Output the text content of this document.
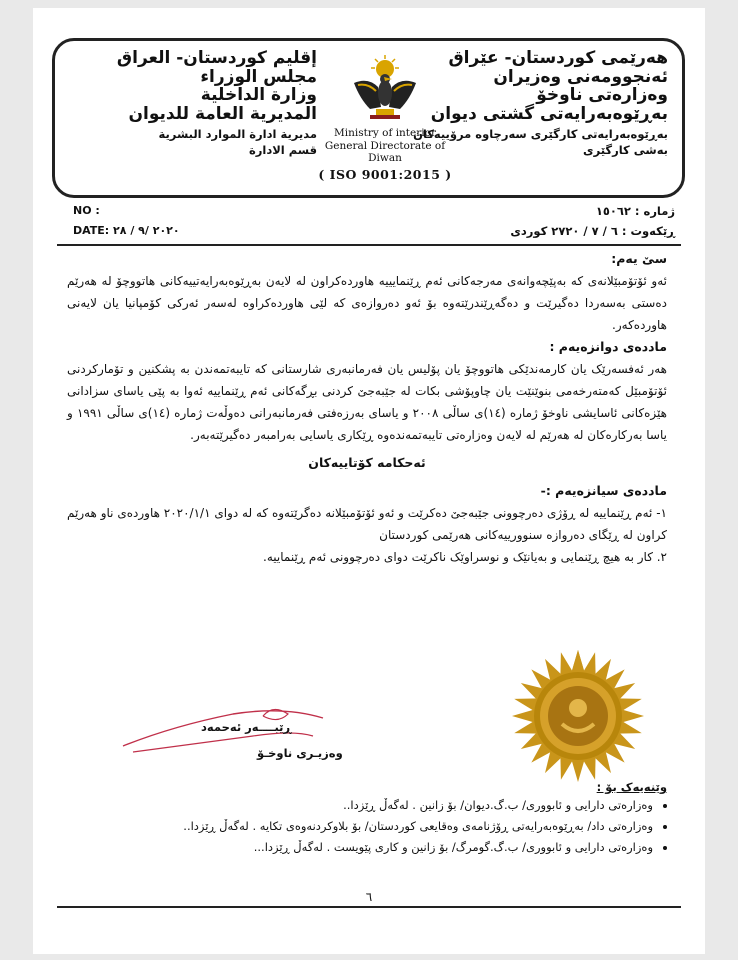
هەرێمی کوردستان- عێراق
ئەنجوومەنی وەزیران
وەزارەتی ناوخۆ
بەڕێوەبەرایەتی گشتی دیوان
بەڕێوەبەرایەتی کارگێری سەرچاوە مرۆییەکان
بەشی کارگێری
Ministry of interior
General Directorate of Diwan
( ISO 9001:2015 )
إقليم كوردستان- العراق
مجلس الوزراء
وزارة الداخلية
المديرية العامة للديوان
مديرية ادارة الموارد البشرية
قسم الادارة
NO :
DATE: ٢٠٢٠ /٩ / ٢٨
ژمارە : ١٥٠٦٢
ڕێکەوت : ٦ / ٧ / ٢٧٢٠ کوردی
سێ یەم:
ئەو ئۆتۆمبێلانەی کە بەپێچەوانەی مەرجەکانی ئەم ڕێنمایییە هاوردەکراون لە لایەن بەڕێوەبەرایەتییەکانی هاتووچۆ لە هەرێم دەستی بەسەردا دەگیرێت و دەگەڕێندرێتەوە بۆ ئەو دەروازەی کە لێی هاوردەکراوە لەسەر ئەرکی کۆمپانیا یان لایەنی هاوردەکەر.
ماددەی دوانزەیەم :
هەر ئەفسەرێک یان کارمەندێکی هاتووچۆ یان پۆلیس یان فەرمانبەری شارستانی کە تایبەتمەندن بە پشکنین و تۆمارکردنی ئۆتۆمبێل کەمتەرخەمی بنوێنێت یان چاوپۆشی بکات لە جێبەجێ کردنی بڕگەکانی ئەم ڕێنماییە ئەوا بە پێی یاسای سزادانی هێزەکانی ئاسایشی ناوخۆ ژمارە (١٤)ی ساڵی ٢٠٠٨ و یاسای بەرزەفتی فەرمانبەرانی دەوڵەت ژمارە (١٤)ی ساڵی ١٩٩١ و یاسا بەرکارەکان لە هەرێم لە لایەن وەزارەتی تایبەتمەندەوە ڕێکاری یاسایی بەرامبەر دەگیرێتەبەر.
ئەحکامە کۆتاییەکان
ماددەی سیانزەیەم :-
١- ئەم ڕێنماییە لە ڕۆژی دەرچوونی جێبەجێ دەکرێت و ئەو ئۆتۆمبێلانە دەگرێتەوە کە لە دوای ٢٠٢٠/١/١ هاوردەی ناو هەرێم کراون لە ڕێگای دەروازە سنوورییەکانی هەرێمی کوردستان
٢. کار بە هیچ ڕێنمایی و بەیانێک و نوسراوێک ناکرێت دوای دەرچوونی ئەم ڕێنماییە.
ڕێبــــەر ئەحمەد
وەزیـری ناوخـۆ
وێنەیەک بۆ :
• وەزارەتی دارایی و ئابووری/ ب.گ.دیوان/ بۆ زانین . لەگەڵ ڕێزدا..
• وەزارەتی داد/ بەڕێوەبەرایەتی ڕۆژنامەی وەقایعی کوردستان/ بۆ بلاوکردنەوەی تکایە . لەگەڵ ڕێزدا..
• وەزارەتی دارایی و ئابووری/ ب.گ.گومرگ/ بۆ زانین و کاری پێویست . لەگەڵ ڕێزدا...
٦
